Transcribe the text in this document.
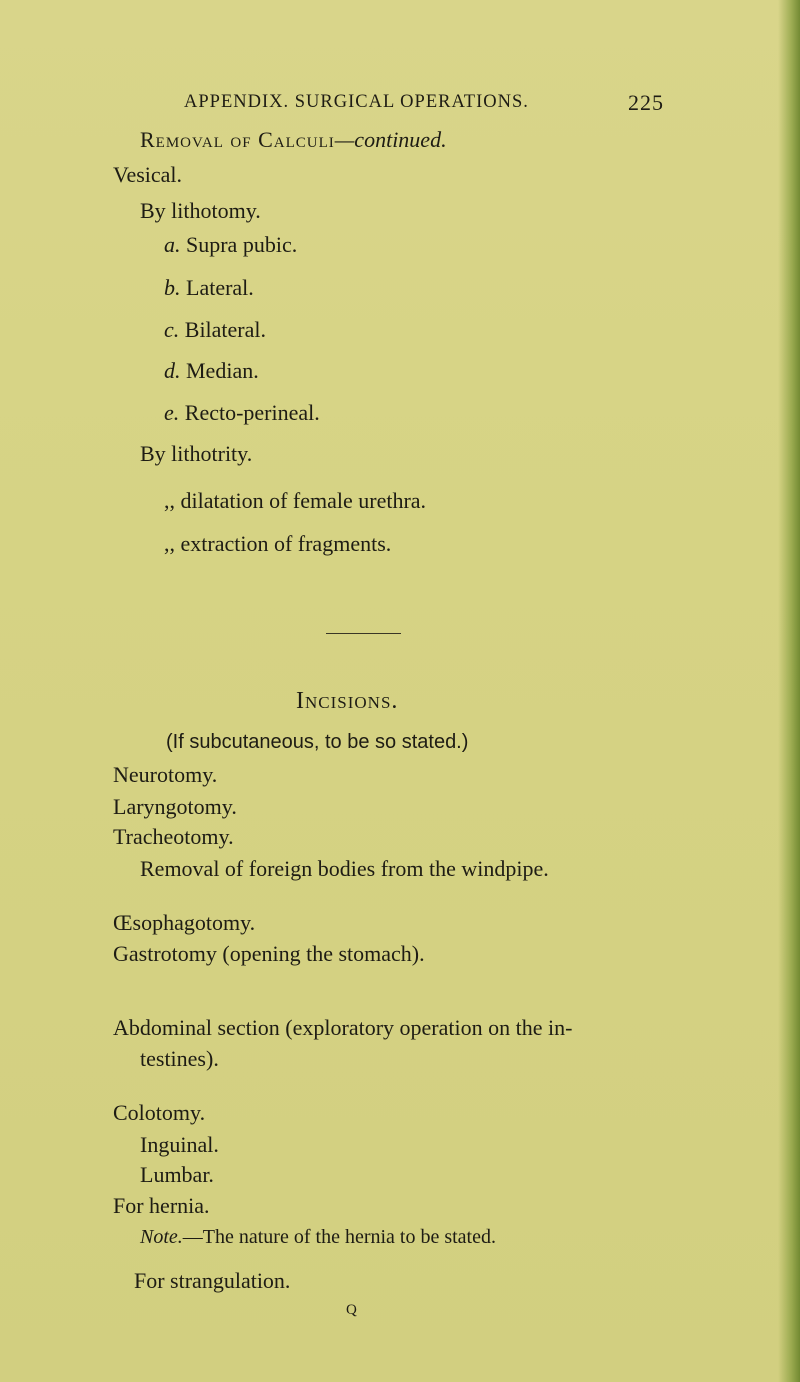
APPENDIX. SURGICAL OPERATIONS.	225
Removal of Calculi—continued.
Vesical.
By lithotomy.
a. Supra pubic.
b. Lateral.
c. Bilateral.
d. Median.
e. Recto-perineal.
By lithotrity.
,, dilatation of female urethra.
,, extraction of fragments.
Incisions.
(If subcutaneous, to be so stated.)
Neurotomy.
Laryngotomy.
Tracheotomy.
Removal of foreign bodies from the windpipe.
Œsophagotomy.
Gastrotomy (opening the stomach).
Abdominal section (exploratory operation on the in-
testines).
Colotomy.
Inguinal.
Lumbar.
For hernia.
Note.—The nature of the hernia to be stated.
For strangulation.
Q
